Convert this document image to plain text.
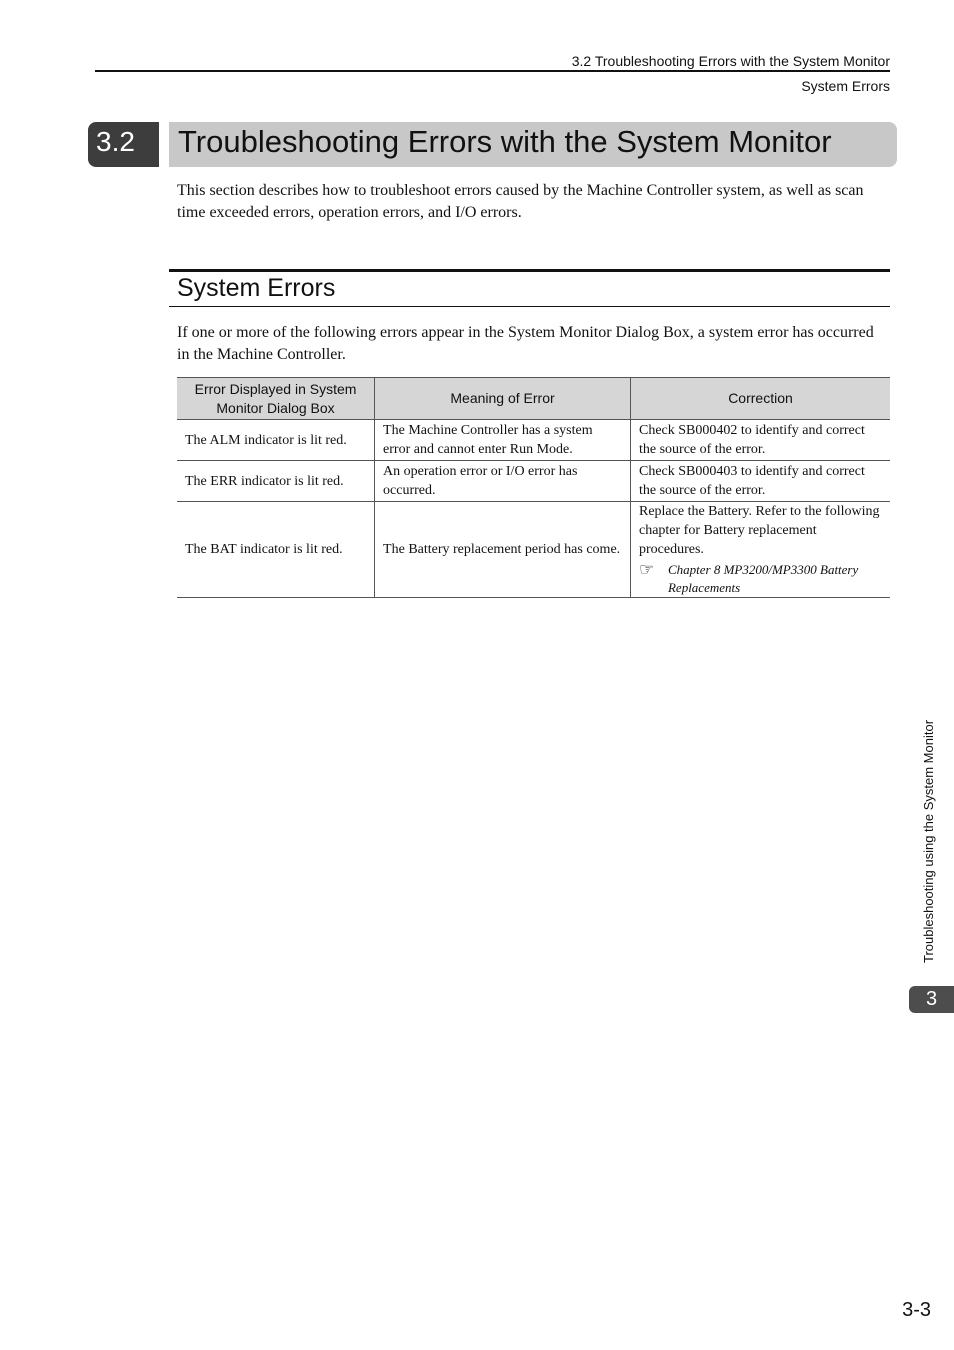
3.2 Troubleshooting Errors with the System Monitor
System Errors
3.2	Troubleshooting Errors with the System Monitor
This section describes how to troubleshoot errors caused by the Machine Controller system, as well as scan time exceeded errors, operation errors, and I/O errors.
System Errors
If one or more of the following errors appear in the System Monitor Dialog Box, a system error has occurred in the Machine Controller.
Error Displayed in System Monitor Dialog Box	Meaning of Error	Correction
The ALM indicator is lit red.	The Machine Controller has a system error and cannot enter Run Mode.	Check SB000402 to identify and correct the source of the error.
The ERR indicator is lit red.	An operation error or I/O error has occurred.	Check SB000403 to identify and correct the source of the error.
The BAT indicator is lit red.	The Battery replacement period has come.	Replace the Battery. Refer to the following chapter for Battery replacement procedures.
☞ Chapter 8 MP3200/MP3300 Battery Replacements
Troubleshooting using the System Monitor
3
3-3
